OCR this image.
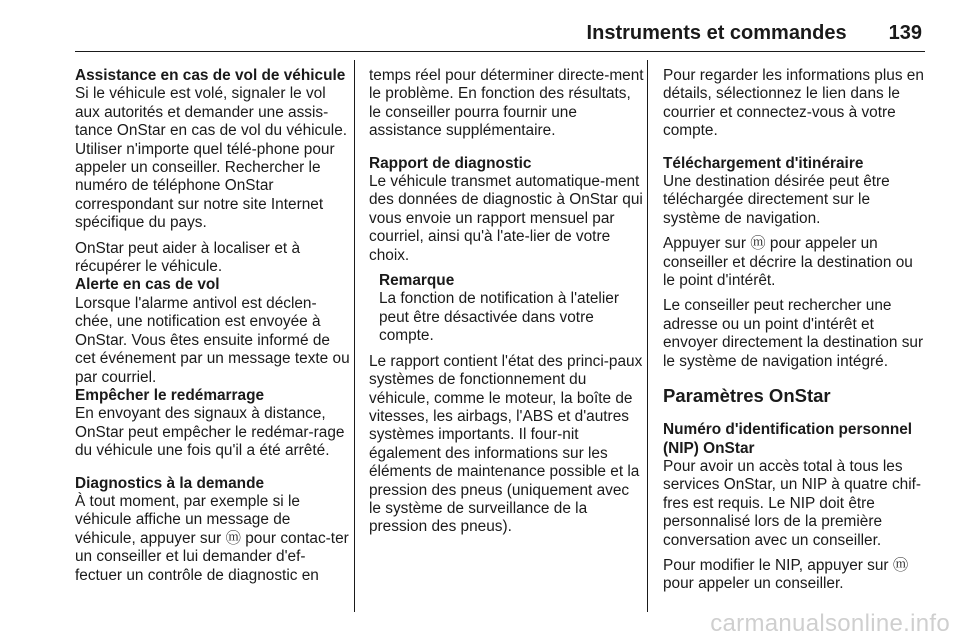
Instruments et commandes 139
Assistance en cas de vol de véhicule

Si le véhicule est volé, signaler le vol aux autorités et demander une assis-tance OnStar en cas de vol du véhicule. Utiliser n'importe quel télé-phone pour appeler un conseiller. Rechercher le numéro de téléphone OnStar correspondant sur notre site Internet spécifique du pays.

OnStar peut aider à localiser et à récupérer le véhicule.

Alerte en cas de vol

Lorsque l'alarme antivol est déclen-chée, une notification est envoyée à OnStar. Vous êtes ensuite informé de cet événement par un message texte ou par courriel.

Empêcher le redémarrage

En envoyant des signaux à distance, OnStar peut empêcher le redémar-rage du véhicule une fois qu'il a été arrêté.

Diagnostics à la demande

À tout moment, par exemple si le véhicule affiche un message de véhicule, appuyer sur ⓜ pour contac-ter un conseiller et lui demander d'ef-fectuer un contrôle de diagnostic en

temps réel pour déterminer directe-ment le problème. En fonction des résultats, le conseiller pourra fournir une assistance supplémentaire.

Rapport de diagnostic

Le véhicule transmet automatique-ment des données de diagnostic à OnStar qui vous envoie un rapport mensuel par courriel, ainsi qu'à l'ate-lier de votre choix.

Remarque
La fonction de notification à l'atelier peut être désactivée dans votre compte.

Le rapport contient l'état des princi-paux systèmes de fonctionnement du véhicule, comme le moteur, la boîte de vitesses, les airbags, l'ABS et d'autres systèmes importants. Il four-nit également des informations sur les éléments de maintenance possible et la pression des pneus (uniquement avec le système de surveillance de la pression des pneus).

Pour regarder les informations plus en détails, sélectionnez le lien dans le courrier et connectez-vous à votre compte.

Téléchargement d'itinéraire

Une destination désirée peut être téléchargée directement sur le système de navigation.

Appuyer sur ⓜ pour appeler un conseiller et décrire la destination ou le point d'intérêt.

Le conseiller peut rechercher une adresse ou un point d'intérêt et envoyer directement la destination sur le système de navigation intégré.

Paramètres OnStar
Numéro d'identification personnel (NIP) OnStar

Pour avoir un accès total à tous les services OnStar, un NIP à quatre chif-fres est requis. Le NIP doit être personnalisé lors de la première conversation avec un conseiller.

Pour modifier le NIP, appuyer sur ⓜ pour appeler un conseiller.

carmanualsonline.info
